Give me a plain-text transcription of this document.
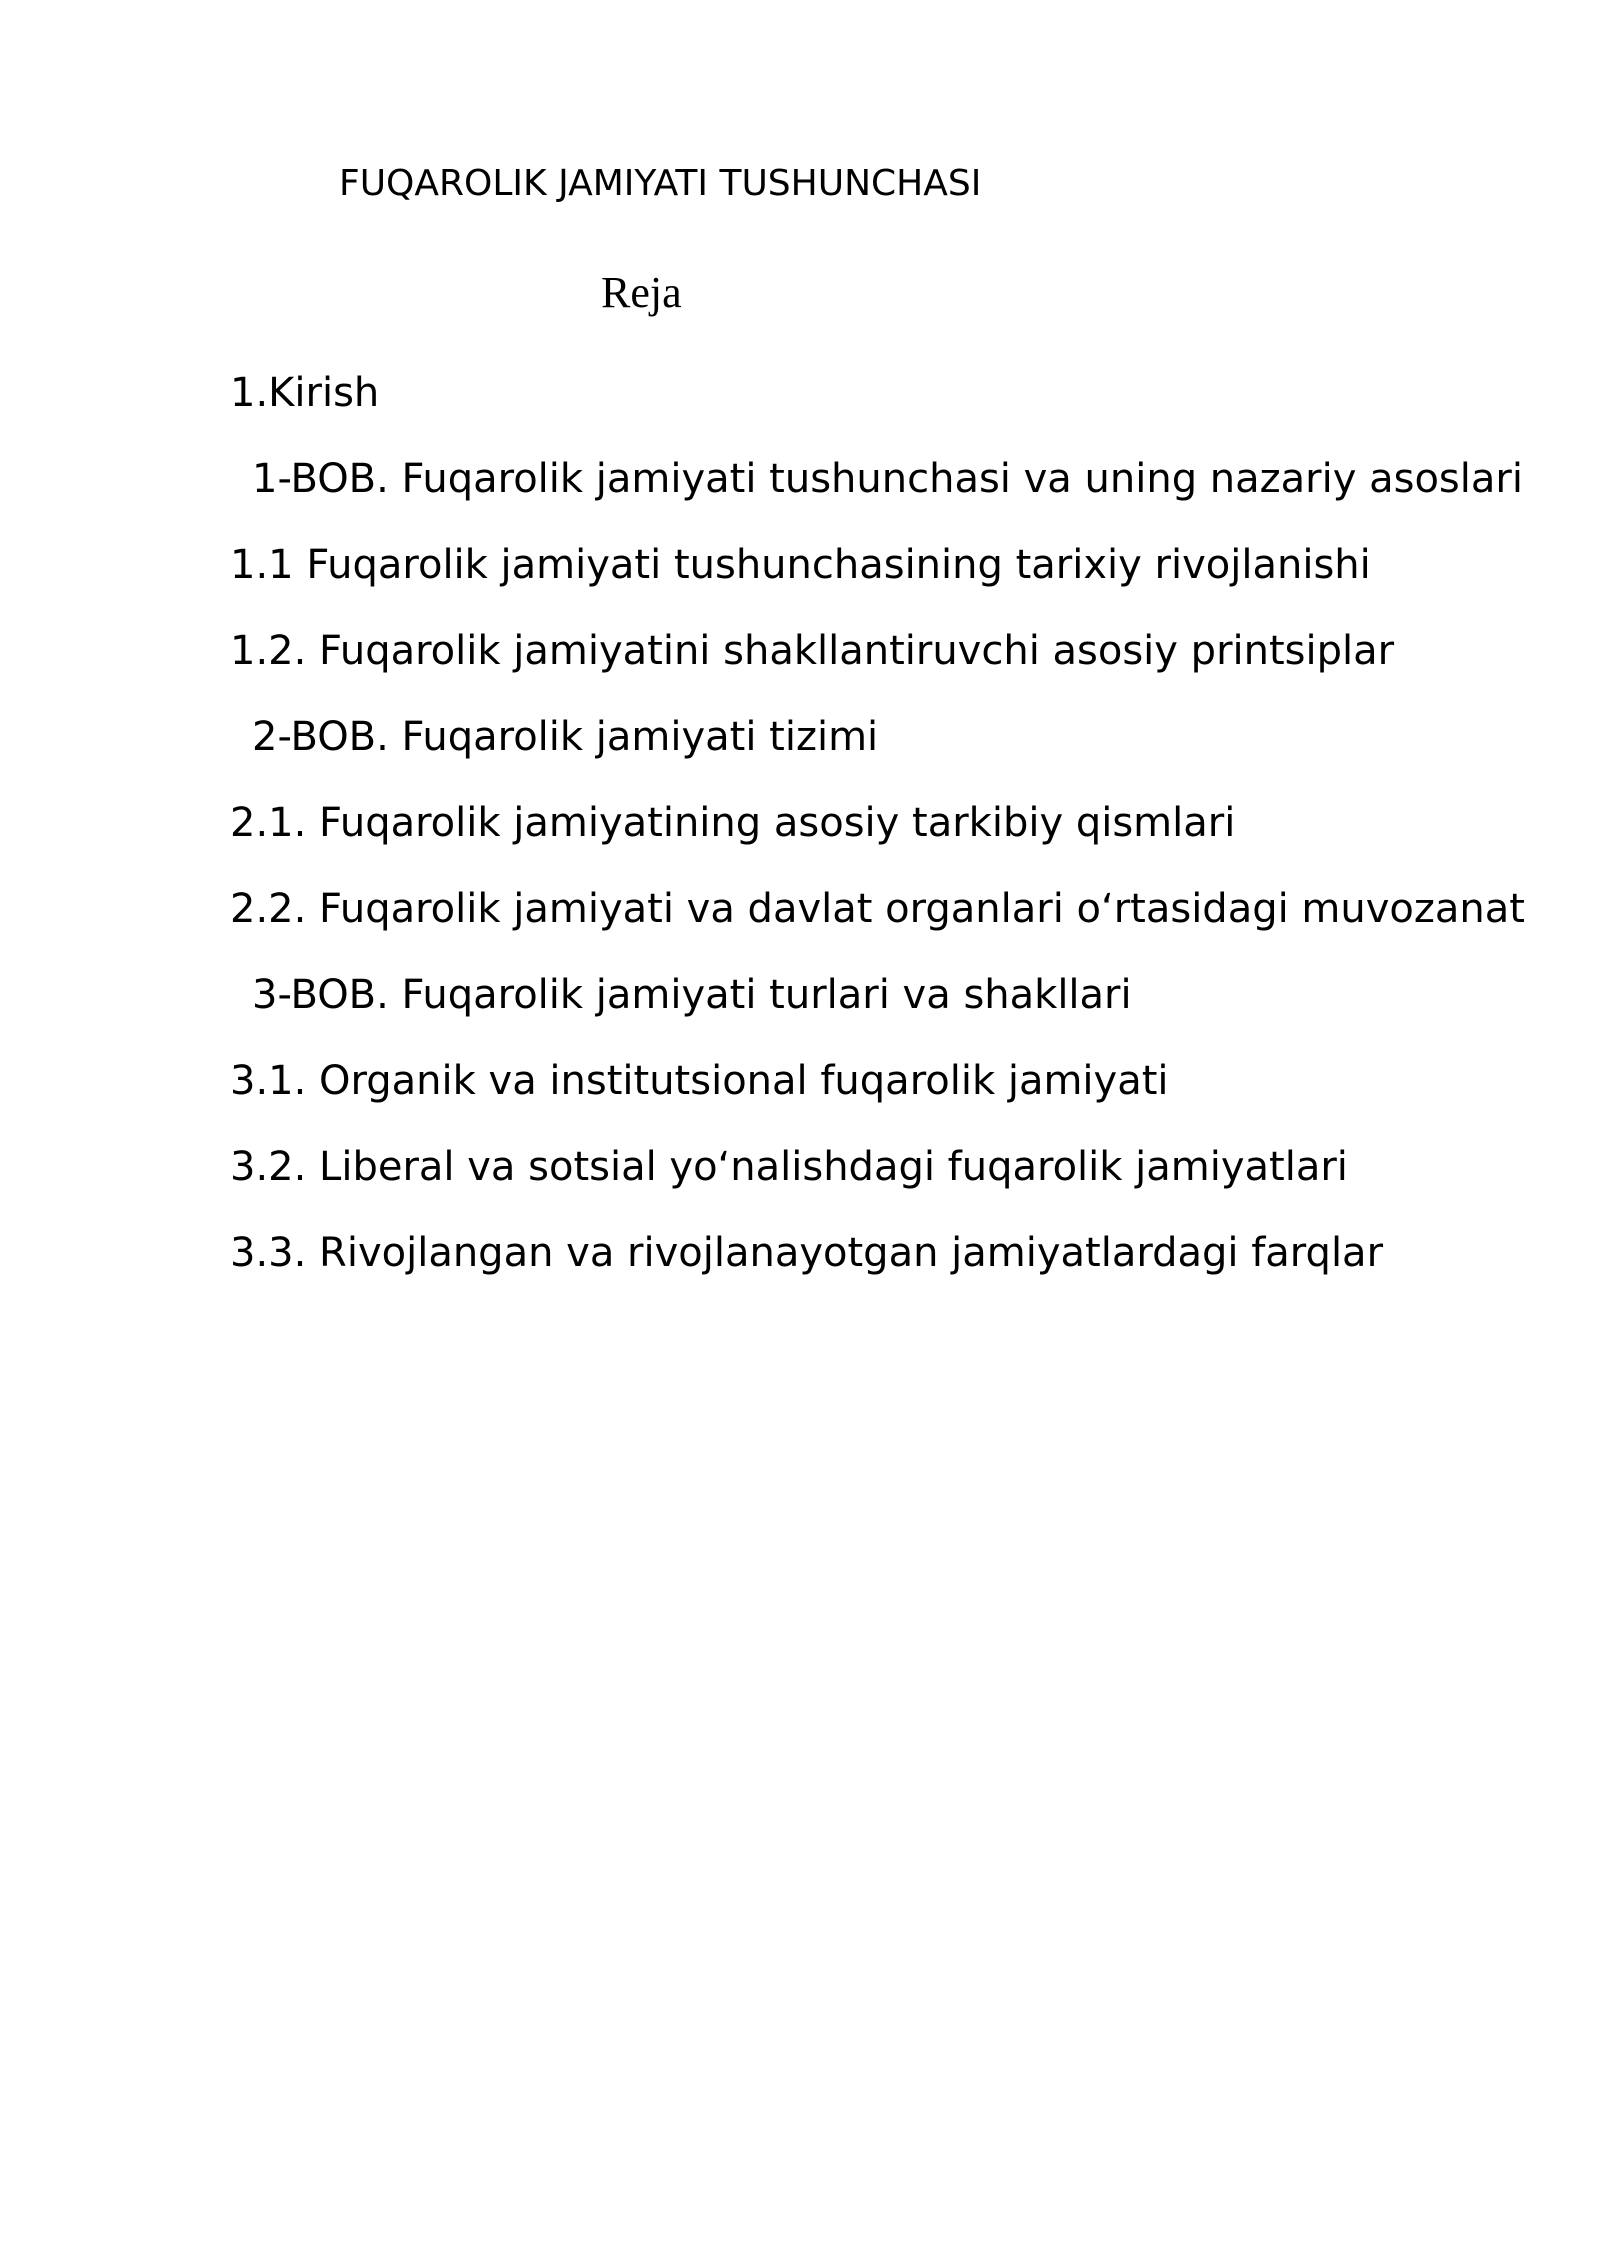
FUQAROLIK JAMIYATI TUSHUNCHASI
Reja
1.Kirish
1-BOB. Fuqarolik jamiyati tushunchasi va uning nazariy asoslari
1.1 Fuqarolik jamiyati tushunchasining tarixiy rivojlanishi
1.2. Fuqarolik jamiyatini shakllantiruvchi asosiy printsiplar
2-BOB. Fuqarolik jamiyati tizimi
2.1. Fuqarolik jamiyatining asosiy tarkibiy qismlari
2.2. Fuqarolik jamiyati va davlat organlari oʻrtasidagi muvozanat
3-BOB. Fuqarolik jamiyati turlari va shakllari
3.1. Organik va institutsional fuqarolik jamiyati
3.2. Liberal va sotsial yoʻnalishdagi fuqarolik jamiyatlari
3.3. Rivojlangan va rivojlanayotgan jamiyatlardagi farqlar
